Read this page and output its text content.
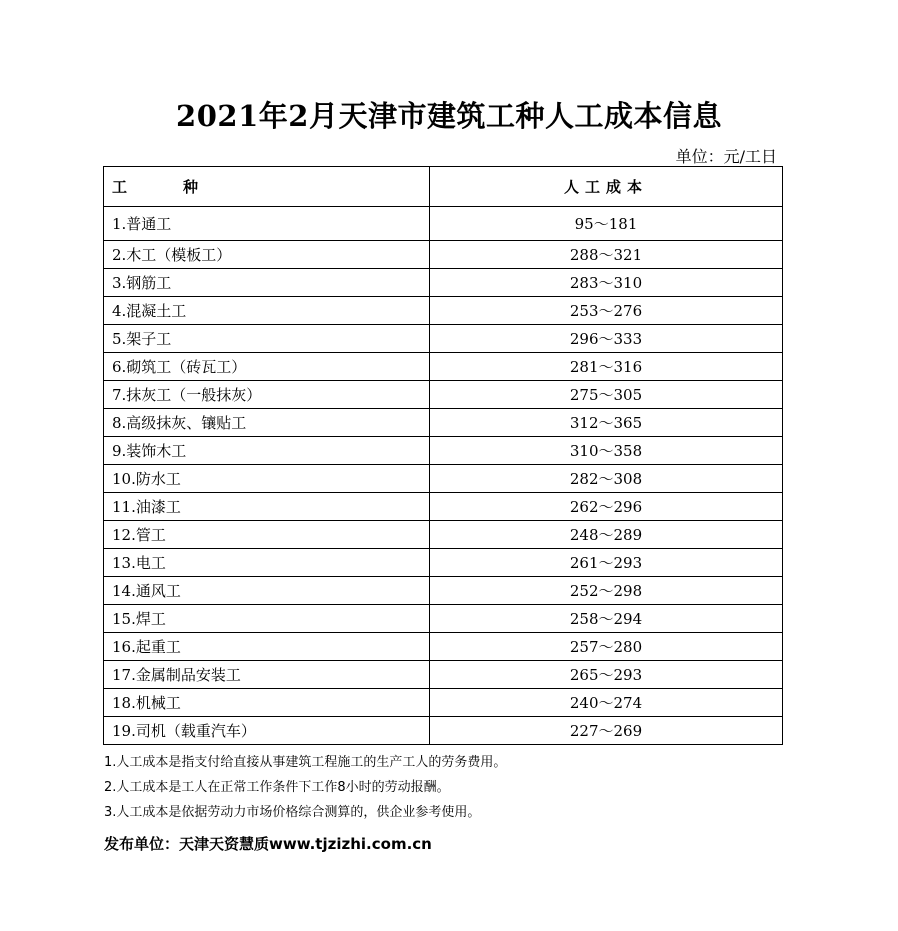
2021年2月天津市建筑工种人工成本信息
单位：元/工日
工 种	人工成本
1.普通工	95～181
2.木工（模板工）	288～321
3.钢筋工	283～310
4.混凝土工	253～276
5.架子工	296～333
6.砌筑工（砖瓦工）	281～316
7.抹灰工（一般抹灰）	275～305
8.高级抹灰、镶贴工	312～365
9.装饰木工	310～358
10.防水工	282～308
11.油漆工	262～296
12.管工	248～289
13.电工	261～293
14.通风工	252～298
15.焊工	258～294
16.起重工	257～280
17.金属制品安装工	265～293
18.机械工	240～274
19.司机（载重汽车）	227～269
1.人工成本是指支付给直接从事建筑工程施工的生产工人的劳务费用。
2.人工成本是工人在正常工作条件下工作8小时的劳动报酬。
3.人工成本是依据劳动力市场价格综合测算的，供企业参考使用。
发布单位：天津天资慧质www.tjzizhi.com.cn
